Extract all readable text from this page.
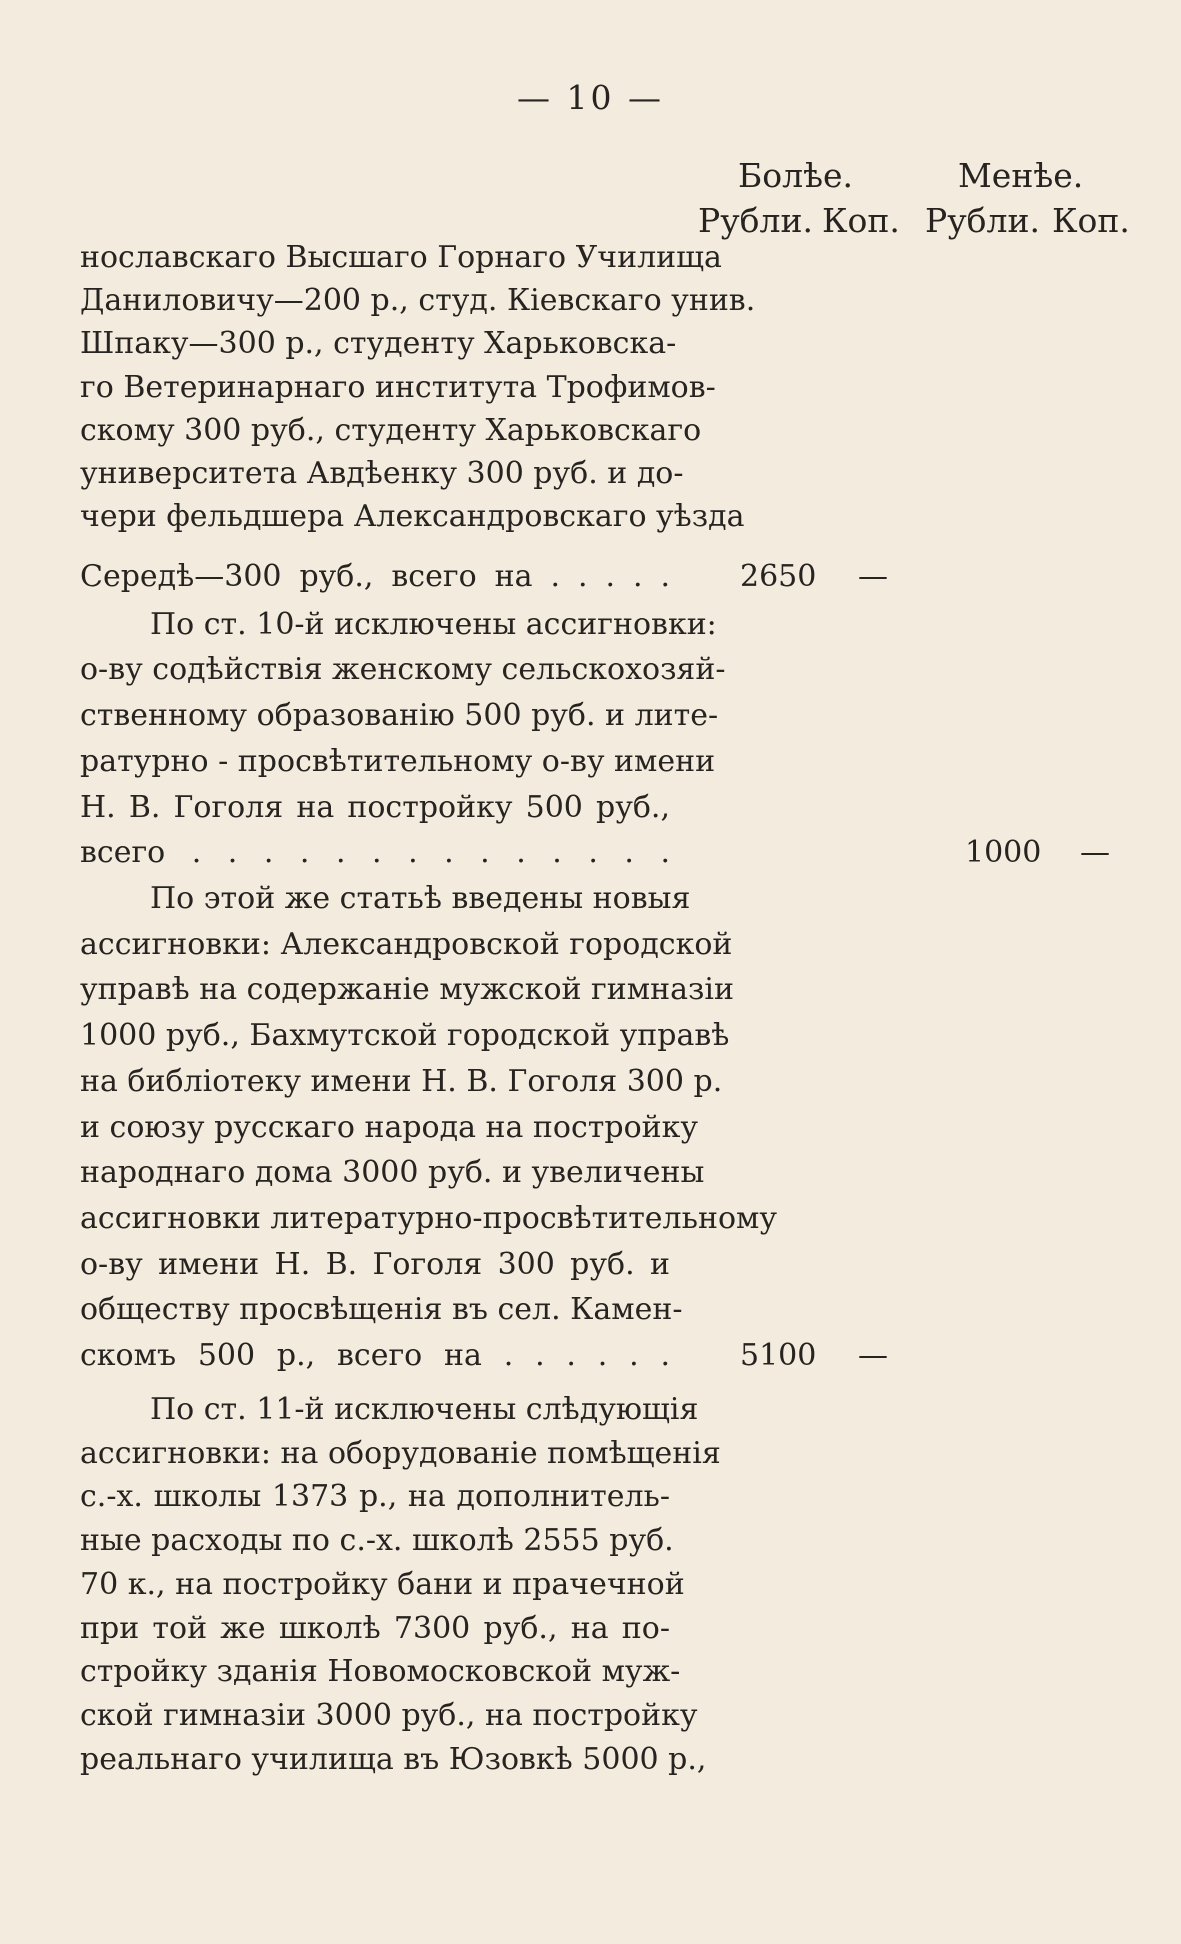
— 10 —
Болѣе.	Менѣе.
Рубли. Коп. Рубли. Коп.
нославскаго Высшаго Горнаго Училища
Даниловичу—200 р., студ. Кіевскаго унив.
Шпаку—300 р., студенту Харьковска-
го Ветеринарнаго института Трофимов-
скому 300 руб., студенту Харьковскаго
университета Авдѣенку 300 руб. и до-
чери фельдшера Александровскаго уѣзда
Середѣ—300 руб., всего на . . . . .
По ст. 10-й исключены ассигновки:
о-ву содѣйствія женскому сельскохозяй-
ственному образованію 500 руб. и лите-
ратурно - просвѣтительному о-ву имени
Н. В. Гоголя на постройку 500 руб.,
всего . . . . . . . . . . . . . .
По этой же статьѣ введены новыя
ассигновки: Александровской городской
управѣ на содержаніе мужской гимназіи
1000 руб., Бахмутской городской управѣ
на библіотеку имени Н. В. Гоголя 300 р.
и союзу русскаго народа на постройку
народнаго дома 3000 руб. и увеличены
ассигновки литературно-просвѣтительному
о-ву имени Н. В. Гоголя 300 руб. и
обществу просвѣщенія въ сел. Камен-
скомъ 500 р., всего на . . . . . .
По ст. 11-й исключены слѣдующія
ассигновки: на оборудованіе помѣщенія
с.-х. школы 1373 р., на дополнитель-
ные расходы по с.-х. школѣ 2555 руб.
70 к., на постройку бани и прачечной
при той же школѣ 7300 руб., на по-
стройку зданія Новомосковской муж-
ской гимназіи 3000 руб., на постройку
реальнаго училища въ Юзовкѣ 5000 р.,
2650 —
1000 —
5100 —
